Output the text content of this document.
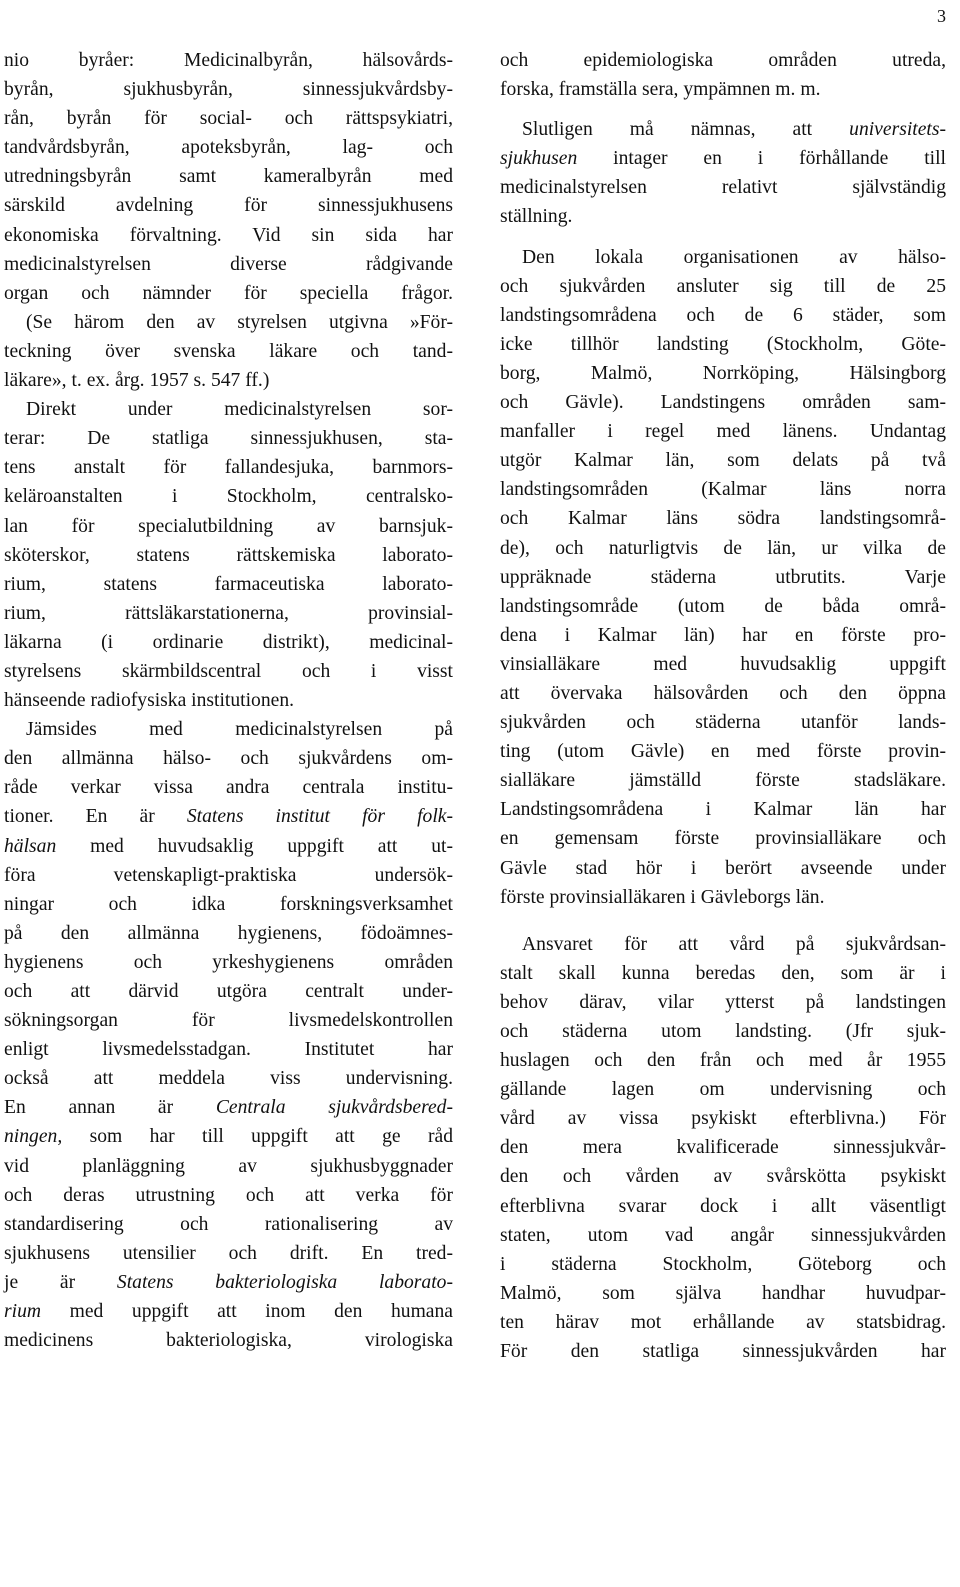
3
nio byråer: Medicinalbyrån, hälsovårds-
byrån, sjukhusbyrån, sinnessjukvårdsby-
rån, byrån för social- och rättspsykiatri,
tandvårdsbyrån, apoteksbyrån, lag- och
utredningsbyrån samt kameralbyrån med
särskild avdelning för sinnessjukhusens
ekonomiska förvaltning. Vid sin sida har
medicinalstyrelsen diverse rådgivande
organ och nämnder för speciella frågor.
(Se härom den av styrelsen utgivna »För-
teckning över svenska läkare och tand-
läkare», t. ex. årg. 1957 s. 547 ff.)
Direkt under medicinalstyrelsen sor-
terar: De statliga sinnessjukhusen, sta-
tens anstalt för fallandesjuka, barnmors-
keläroanstalten i Stockholm, centralsko-
lan för specialutbildning av barnsjuk-
sköterskor, statens rättskemiska laborato-
rium, statens farmaceutiska laborato-
rium, rättsläkarstationerna, provinsial-
läkarna (i ordinarie distrikt), medicinal-
styrelsens skärmbildscentral och i visst
hänseende radiofysiska institutionen.
Jämsides med medicinalstyrelsen på
den allmänna hälso- och sjukvårdens om-
råde verkar vissa andra centrala institu-
tioner. En är Statens institut för folk-
hälsan med huvudsaklig uppgift att ut-
föra vetenskapligt-praktiska undersök-
ningar och idka forskningsverksamhet
på den allmänna hygienens, födoämnes-
hygienens och yrkeshygienens områden
och att därvid utgöra centralt under-
sökningsorgan för livsmedelskontrollen
enligt livsmedelsstadgan. Institutet har
också att meddela viss undervisning.
En annan är Centrala sjukvårdsbered-
ningen, som har till uppgift att ge råd
vid planläggning av sjukhusbyggnader
och deras utrustning och att verka för
standardisering och rationalisering av
sjukhusens utensilier och drift. En tred-
je är Statens bakteriologiska laborato-
rium med uppgift att inom den humana
medicinens bakteriologiska, virologiska
och epidemiologiska områden utreda,
forska, framställa sera, ympämnen m. m.
Slutligen må nämnas, att universitets-
sjukhusen intager en i förhållande till
medicinalstyrelsen relativt självständig
ställning.
Den lokala organisationen av hälso-
och sjukvården ansluter sig till de 25
landstingsområdena och de 6 städer, som
icke tillhör landsting (Stockholm, Göte-
borg, Malmö, Norrköping, Hälsingborg
och Gävle). Landstingens områden sam-
manfaller i regel med länens. Undantag
utgör Kalmar län, som delats på två
landstingsområden (Kalmar läns norra
och Kalmar läns södra landstingsområ-
de), och naturligtvis de län, ur vilka de
uppräknade städerna utbrutits. Varje
landstingsområde (utom de båda områ-
dena i Kalmar län) har en förste pro-
vinsialläkare med huvudsaklig uppgift
att övervaka hälsovården och den öppna
sjukvården och städerna utanför lands-
ting (utom Gävle) en med förste provin-
sialläkare jämställd förste stadsläkare.
Landstingsområdena i Kalmar län har
en gemensam förste provinsialläkare och
Gävle stad hör i berört avseende under
förste provinsialläkaren i Gävleborgs län.
Ansvaret för att vård på sjukvårdsan-
stalt skall kunna beredas den, som är i
behov därav, vilar ytterst på landstingen
och städerna utom landsting. (Jfr sjuk-
huslagen och den från och med år 1955
gällande lagen om undervisning och
vård av vissa psykiskt efterblivna.) För
den mera kvalificerade sinnessjukvår-
den och vården av svårskötta psykiskt
efterblivna svarar dock i allt väsentligt
staten, utom vad angår sinnessjukvården
i städerna Stockholm, Göteborg och
Malmö, som själva handhar huvudpar-
ten härav mot erhållande av statsbidrag.
För den statliga sinnessjukvården har
